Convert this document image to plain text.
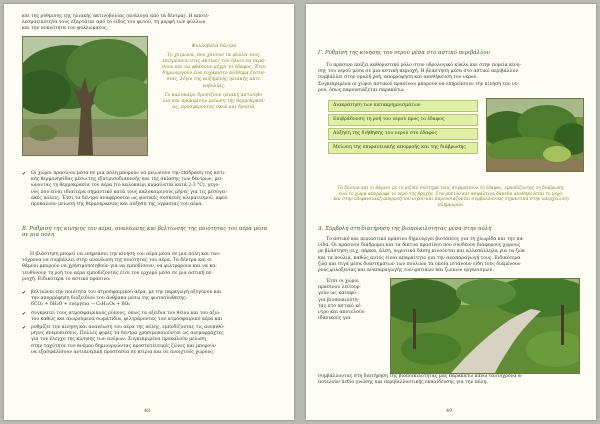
και της ρύθμισης της ηλιακής ακτινοβολίας (ανάλογα από τα δέντρα). Η αποτε-

λεσματικότητα τους εξαρτάται από το είδος του φυτού, τη μορφή των φύλλων

και την πυκνότητα του φυλλώματος.

Φυλλοβόλα δέντρα

Το χειμώνα, που χάνουν τα φύλλα τους,

επιτρέπουν στις ακτίνες του ήλιου να περά-

σουν και να φθάσουν μέχρι το έδαφος. Έτσι

δημιουργούν ένα ευχάριστο αίσθημα ζεστα-

σιάς, λόγω της αυξημένης ηλιακής ακτι-

νοβολίας.

Το καλοκαίρι δροσίζουν ηλιακή ακτινοβο-

λία και προκαλούν μείωση της θερμοκρασί-

ας, προσφέροντας σκιά και δροσιά.

✔ Οι χώροι πρασίνου μέσα σε μια πόλη μπορούν να μειώσουν την επίδραση της αστι-
κής θερμονησίδας μέσω της εξατμισοδιαπνοής και της σκίασης των δέντρων, μει-
ώνοντας τη θερμοκρασία του αέρα (το καλοκαίρι κυμαίνεται κατά 2-3 °C), γεγο-
νός που είναι ιδιαίτερα σημαντικό κατά τους καλοκαιρινούς μήνες για τις μεσογει-
ακές πόλεις. Έτσι τα δέντρα αναφέρονται ως φυσικές συσκευές κλιματισμού, αφού
προκαλούν μείωση της θερμοκρασίας και αύξηση της υγρασίας του αέρα.

Β. Ρύθμιση της κίνησης του αέρα, ανανέωσης και βελτίωσης της ποιότητας του αέρα μέσα

σε μια πόλη

Η βλάστηση μπορεί να επηρεάσει την κίνηση του αέρα μέσα σε μια πόλη και ταυ-

τόχρονα να συμβάλλει στην ανανέωση της ποιότητας του αέρα. Τα δέντρα και οι

θάμνοι μπορούν να χρησιμοποιηθούν για να εμποδίσουν, να φιλτράρουν και να κα-

τευθύνουν τη ροή του αέρα εμποδίζοντας έτσι τον ερχομό μέσα σε μια αστική πε-

ριοχή. Ειδικότερα το αστικό πράσινο:

✔ βελτιώνει την ποιότητα του ατμοσφαιρικού αέρα, με την παραγωγή οξυγόνου και
την απορρόφηση διοξειδίου του άνθρακα μέσω της φωτοσύνθεσης:
6CO₂ + 6H₂O + ενέργεια → C₆H₁₂O₆ + 6O₂
✔ συγκρατεί τους ατμοσφαιρικούς ρύπους, όπως τα οξείδια του θείου και του αζώ-
του καθώς και αιωρούμενα σωματίδια, φιλτράροντας τον ατμοσφαιρικό αέρα και
✔ ρυθμίζει την κίνηση και ανανέωση του αέρα της πόλης, εμποδίζοντας τις ανεπιθύ-
μητες ανεμοπιέσεις. Πολλές φορές τα δέντρα χρησιμοποιούνται ως ανεμοφράχτες
για τον έλεγχο της κίνησης των ανέμων. Συγκεκριμένα προκαλούν μείωση
στην ταχύτητα του ανέμου δημιουργώντας προστατευτικές ζώνες και μπορούν
να εξασφαλίσουν αντιανεμική προστασία σε κτίρια και σε ανοιχτούς χώρους.
48

Γ. Ρύθμιση της κίνησης του νερού μέσα στο αστικό περιβάλλον

Το πράσινο παίζει καθοριστικό ρόλο στον υδρολογικό κύκλο και στην πορεία κίνη-

σης του νερού μέσα σε μια αστική περιοχή. Η βλάστηση μέσα στο αστικό περιβάλλον

συμβάλλει στην ομαλή ροή, απορρόφηση και αποθήκευση του νερού.

Συγκεκριμένα οι χώροι αστικού πρασίνου μπορούν να επηρεάσουν την κίνηση του νε-

ρού, όπως παρουσιάζεται παρακάτω:

Διακράτηση των κατακρημνισμάτων
Επιβράδυνση τη ροή του νερού προς το έδαφος
Αύξηση της διήθησης του νερού στο έδαφος
Μείωση της επιφανειακής απορροής και της διάβρωσης

Τα δέντρα και οι θάμνοι με το ριζικό σύστημα τους συγκρατούν το έδαφος, εμποδίζοντας τη διάβρωση,

ενώ το χώμα απορροφά το νερό της βροχής. Στα μπετόν και ασφάλτινα δάπεδα αποθηκεύεται το νερό,

και στην επιφανειακή απορροή του νερού και παρουσιάζονται συμβάλλοντας σημαντικά στην υπερχείλιση

πλημμυρών.

Δ. Συμβολή στη διατήρηση της βιοποικιλότητας μέσα στην πόλη

Το αστικό και περιαστικό πράσινο δημιουργεί βιοτόπους για τη χλωρίδα και την πα-

νίδα. Οι πράσινοι διάδρομοι και τα δίκτυα πρασίνου που συνδέουν διάφορους χώρους

με βλάστηση (π.χ. πάρκα, άλση, αγροτικά δάση) κινούνται και αλλεπάλληλα για τα ζώα

και τα πουλιά, καθώς αυτός είναι απαραίτητο για την αναπαραγωγή τους. Ειδικότερα

ζώα και σιγά μέσα διαστημάτων των πουλιών τα οποία ιστάνουν είδη τους διαμένουν

ρους φιλοξενίας και αναπαραγωγής των φυτικών και ζωικών οργανισμών.

Έτσι οι χώροι

πρασίνου λειτουρ-

γούν ως καταφύ-

για βιοποικιλότη-

τας στο αστικό κέ-

ντρο και αποτελούν

ιδανικούς για

συμβάλλοντας στη διατήρηση της βιοποικιλότητας μας παρακάτω κάνω ταυτόχρονα α-

ποτελούν πεδίο γνώσης και περιβαλλοντικής εκπαίδευσης για την πόλη.

49
